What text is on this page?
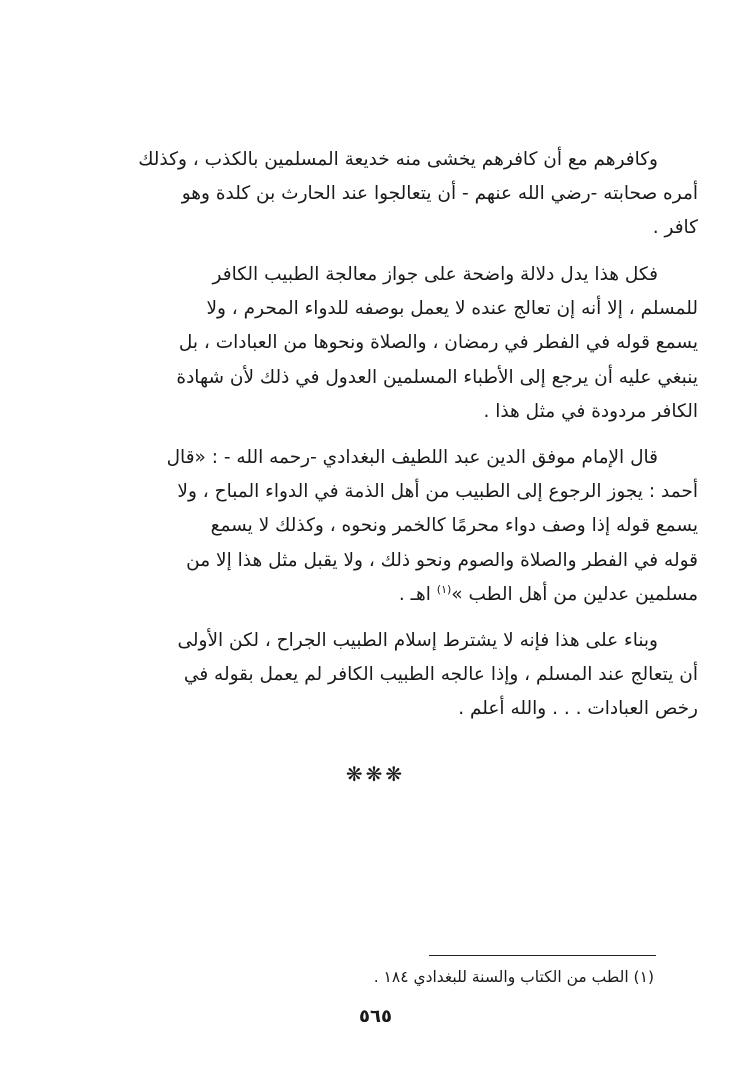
وكافرهم مع أن كافرهم يخشى منه خديعة المسلمين بالكذب ، وكذلك
أمره صحابته -رضي الله عنهم - أن يتعالجوا عند الحارث بن كلدة وهو
كافر .
فكل هذا يدل دلالة واضحة على جواز معالجة الطبيب الكافر
للمسلم ، إلا أنه إن تعالج عنده لا يعمل بوصفه للدواء المحرم ، ولا
يسمع قوله في الفطر في رمضان ، والصلاة ونحوها من العبادات ، بل
ينبغي عليه أن يرجع إلى الأطباء المسلمين العدول في ذلك لأن شهادة
الكافر مردودة في مثل هذا .
قال الإمام موفق الدين عبد اللطيف البغدادي -رحمه الله - : «قال
أحمد : يجوز الرجوع إلى الطبيب من أهل الذمة في الدواء المباح ، ولا
يسمع قوله إذا وصف دواء محرمًا كالخمر ونحوه ، وكذلك لا يسمع
قوله في الفطر والصلاة والصوم ونحو ذلك ، ولا يقبل مثل هذا إلا من
مسلمين عدلين من أهل الطب »$^{(١)}$ اهـ .
وبناء على هذا فإنه لا يشترط إسلام الطبيب الجراح ، لكن الأولى
أن يتعالج عند المسلم ، وإذا عالجه الطبيب الكافر لم يعمل بقوله في
رخص العبادات . . . والله أعلم .
❋❋❋
(١) الطب من الكتاب والسنة للبغدادي ١٨٤ .
٥٦٥
